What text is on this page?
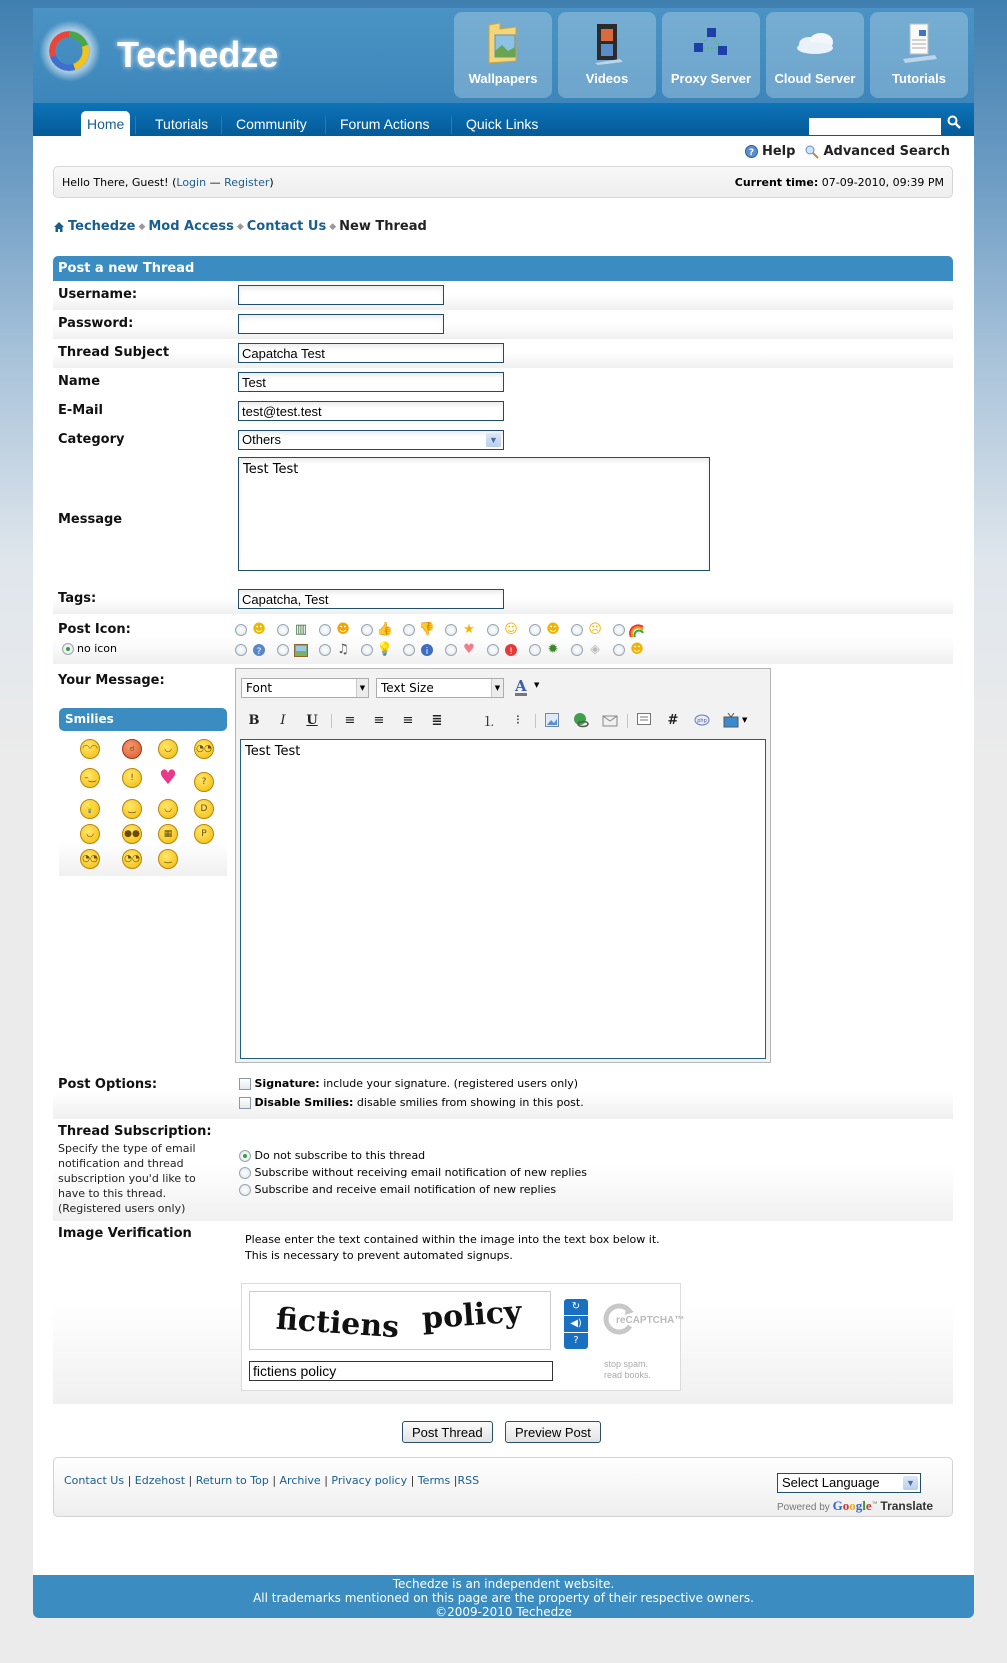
Techedze
Wallpapers	Videos	Proxy Server	Cloud Server	Tutorials
Home	Tutorials	Community	Forum Actions	Quick Links
? Help Advanced Search
Hello There, Guest! (Login — Register)	Current time: 07-09-2010, 09:39 PM
Techedze ◆ Mod Access ◆ Contact Us ◆ New Thread
Post a new Thread
Username:
Password:
Thread Subject
Capatcha Test
Name
Test
E-Mail
test@test.test
Category	Others	▼
Message
Test Test
Tags:
Capatcha, Test
Post Icon:
no icon
☻ ▥ ☻ 👍 👎 ★ ☺ ☻ ☹
?	♫ 💡	i	♥	!	✹ ◈ ☻
Your Message:
Smilies
◠◠	ಠ	◡	◔◔
–‿	!	♥	?
💡	‿	◡	D
◡	●●	▦	P
◔◔	◔◔	‿
Font	▼	Text Size	▼ A ▼
B	I	U	≡	≡	≡	≣	⒈	⁝	#	php	▼
Test Test
Post Options:	Signature: include your signature. (registered users only)
Disable Smilies: disable smilies from showing in this post.
Thread Subscription:
Specify the type of email notification and thread subscription you'd like to have to this thread. (Registered users only)
Do not subscribe to this thread
Subscribe without receiving email notification of new replies
Subscribe and receive email notification of new replies
Image Verification	Please enter the text contained within the image into the text box below it.
This is necessary to prevent automated signups.
fictiens policy	↻
◀)
?
reCAPTCHA™
stop spam.
read books.
fictiens policy
Post Thread	Preview Post
Contact Us | Edzehost | Return to Top | Archive | Privacy policy | Terms |RSS	Select Language	▼
Powered by Google™ Translate
Techedze is an independent website.
All trademarks mentioned on this page are the property of their respective owners.
©2009-2010 Techedze
